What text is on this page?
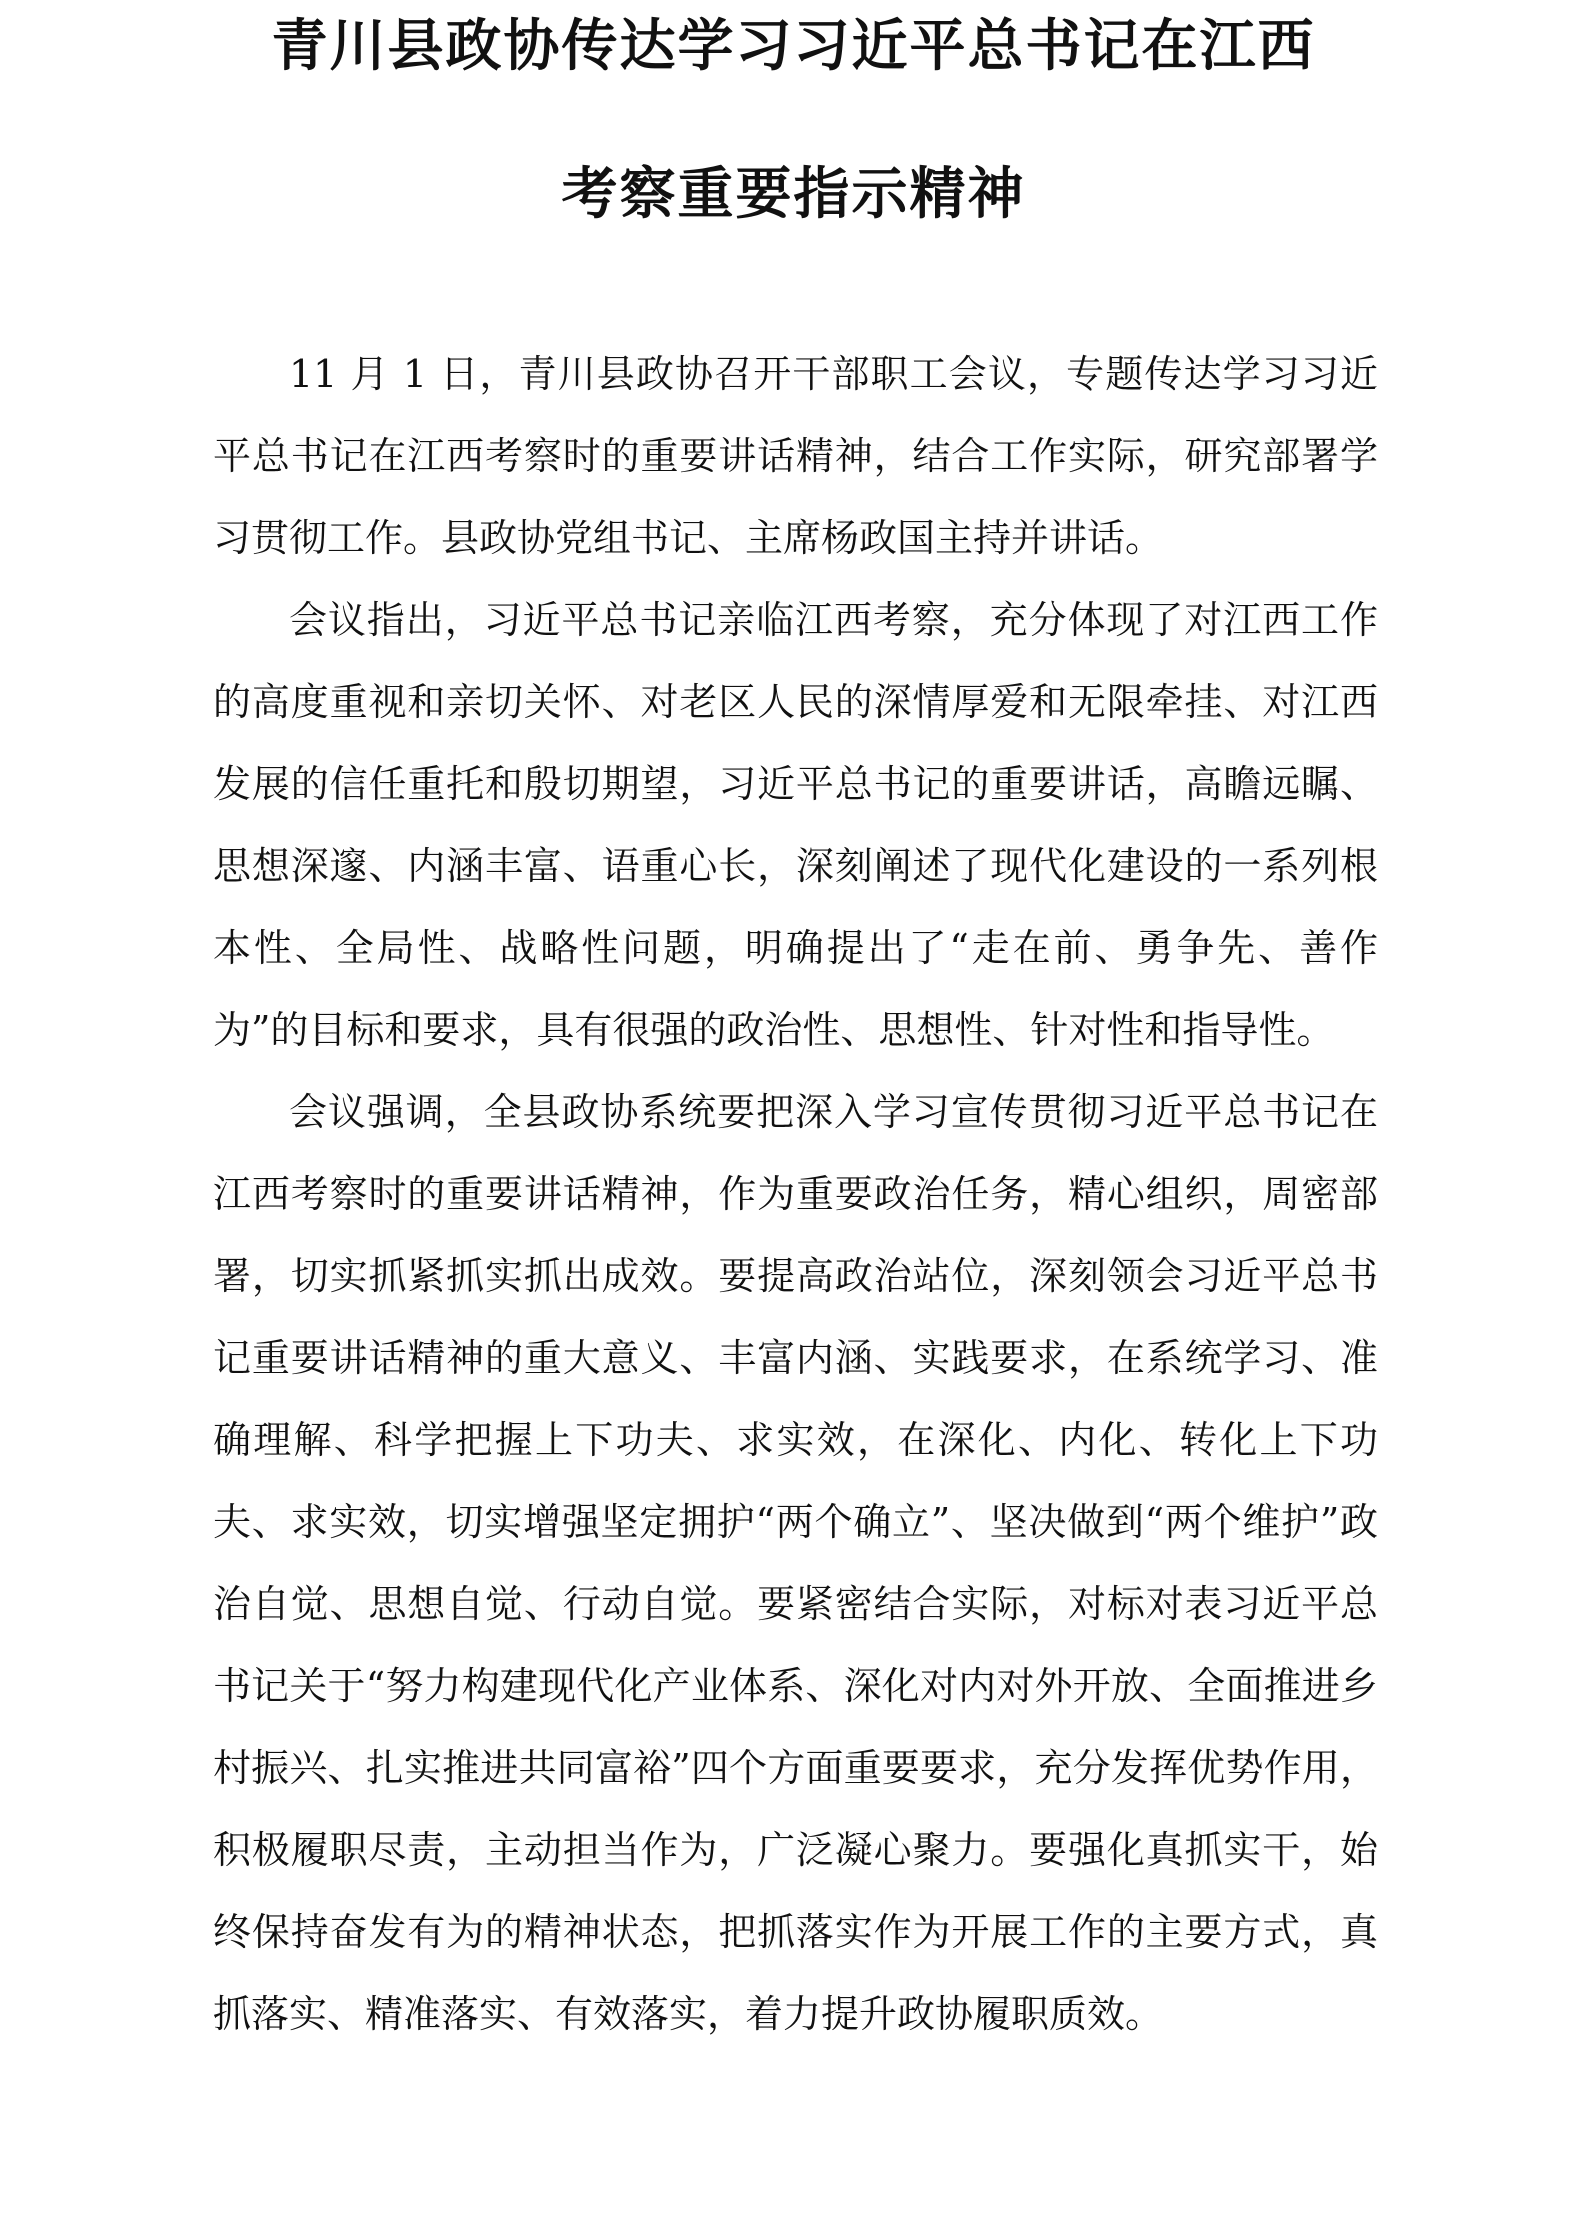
青川县政协传达学习习近平总书记在江西
考察重要指示精神

11 月 1 日，青川县政协召开干部职工会议，专题传达学习习近平总书记在江西考察时的重要讲话精神，结合工作实际，研究部署学习贯彻工作。县政协党组书记、主席杨政国主持并讲话。

会议指出，习近平总书记亲临江西考察，充分体现了对江西工作的高度重视和亲切关怀、对老区人民的深情厚爱和无限牵挂、对江西发展的信任重托和殷切期望，习近平总书记的重要讲话，高瞻远瞩、思想深邃、内涵丰富、语重心长，深刻阐述了现代化建设的一系列根本性、全局性、战略性问题，明确提出了“走在前、勇争先、善作为”的目标和要求，具有很强的政治性、思想性、针对性和指导性。

会议强调，全县政协系统要把深入学习宣传贯彻习近平总书记在江西考察时的重要讲话精神，作为重要政治任务，精心组织，周密部署，切实抓紧抓实抓出成效。要提高政治站位，深刻领会习近平总书记重要讲话精神的重大意义、丰富内涵、实践要求，在系统学习、准确理解、科学把握上下功夫、求实效，在深化、内化、转化上下功夫、求实效，切实增强坚定拥护“两个确立”、坚决做到“两个维护”政治自觉、思想自觉、行动自觉。要紧密结合实际，对标对表习近平总书记关于“努力构建现代化产业体系、深化对内对外开放、全面推进乡村振兴、扎实推进共同富裕”四个方面重要要求，充分发挥优势作用，积极履职尽责，主动担当作为，广泛凝心聚力。要强化真抓实干，始终保持奋发有为的精神状态，把抓落实作为开展工作的主要方式，真抓落实、精准落实、有效落实，着力提升政协履职质效。
